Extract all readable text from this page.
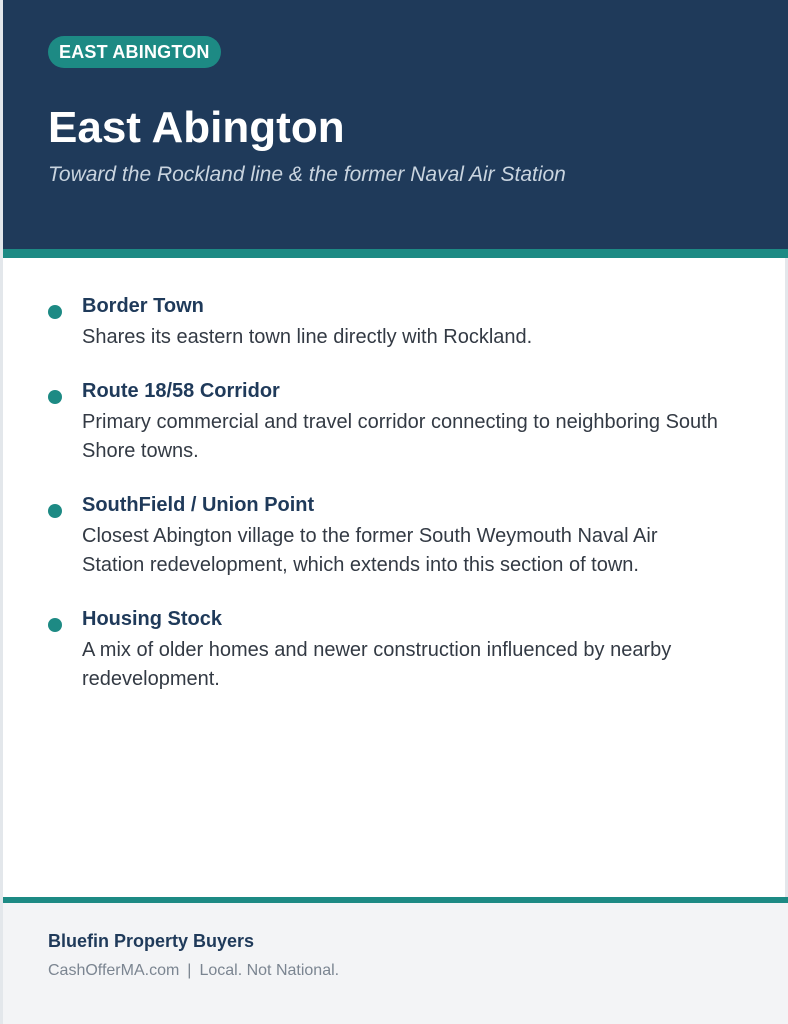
EAST ABINGTON
East Abington

Toward the Rockland line & the former Naval Air Station

Border Town

Shares its eastern town line directly with Rockland.

Route 18/58 Corridor

Primary commercial and travel corridor connecting to neighboring South Shore towns.

SouthField / Union Point

Closest Abington village to the former South Weymouth Naval Air Station redevelopment, which extends into this section of town.

Housing Stock

A mix of older homes and newer construction influenced by nearby redevelopment.

Bluefin Property Buyers

CashOfferMA.com | Local. Not National.
